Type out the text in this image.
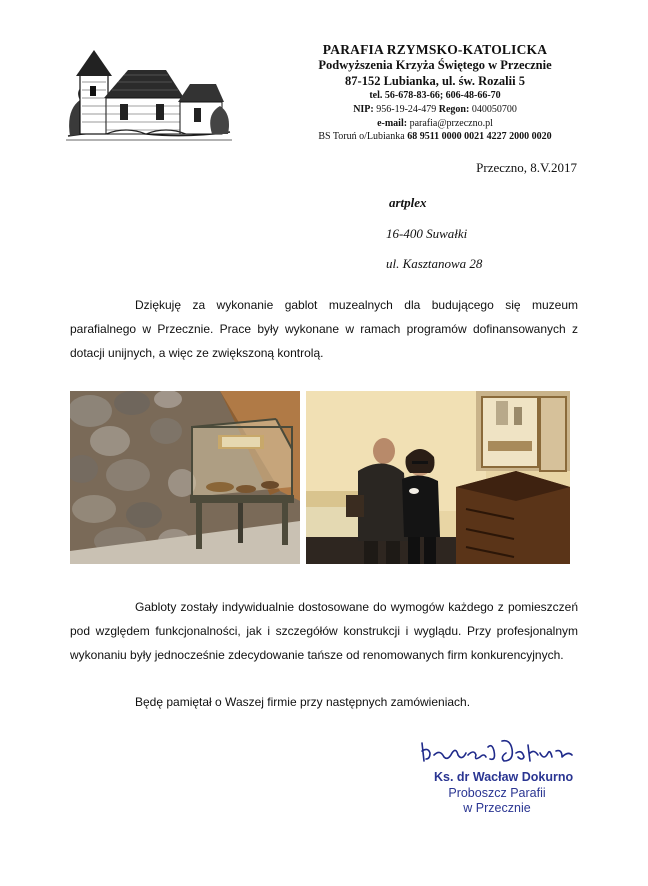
PARAFIA RZYMSKO-KATOLICKA
Podwyższenia Krzyża Świętego w Przecznie
87-152 Lubianka, ul. św. Rozalii 5
tel. 56-678-83-66; 606-48-66-70
NIP: 956-19-24-479 Regon: 040050700
e-mail: parafia@przeczno.pl
BS Toruń o/Lubianka 68 9511 0000 0021 4227 2000 0020
Przeczno, 8.V.2017
artplex
16-400 Suwałki
ul. Kasztanowa 28
Dziękuję za wykonanie gablot muzealnych dla budującego się muzeum parafialnego w Przecznie. Prace były wykonane w ramach programów dofinansowanych z dotacji unijnych, a więc ze zwiększoną kontrolą.
Gabloty zostały indywidualnie dostosowane do wymogów każdego z pomieszczeń pod względem funkcjonalności, jak i szczegółów konstrukcji i wyglądu. Przy profesjonalnym wykonaniu były jednocześnie zdecydowanie tańsze od renomowanych firm konkurencyjnych.
Będę pamiętał o Waszej firmie przy następnych zamówieniach.
Ks. dr Wacław Dokurno
Proboszcz Parafii
w Przecznie
